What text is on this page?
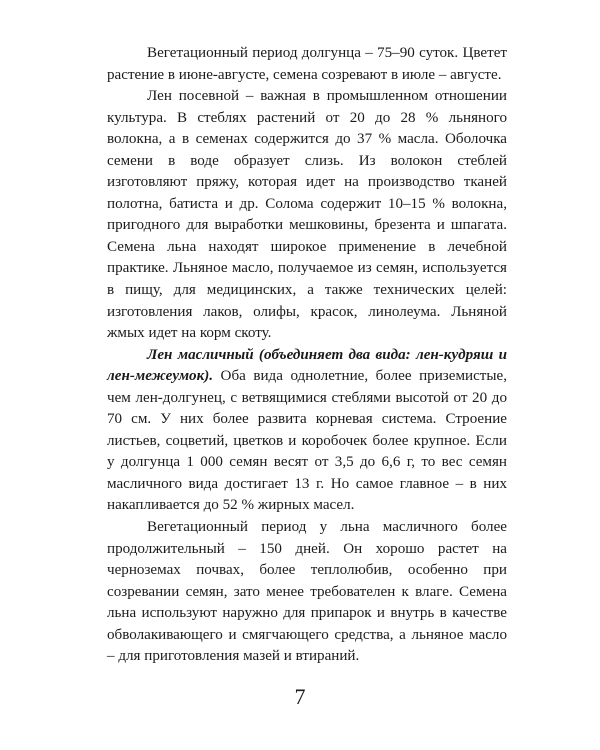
Вегетационный период долгунца – 75–90 суток. Цветет растение в июне-августе, семена созревают в июле – августе.

Лен посевной – важная в промышленном отношении культура. В стеблях растений от 20 до 28 % льняного волокна, а в семенах содержится до 37 % масла. Оболочка семени в воде образует слизь. Из волокон стеблей изготовляют пряжу, которая идет на производство тканей полотна, батиста и др. Солома содержит 10–15 % волокна, пригодного для выработки мешковины, брезента и шпагата. Семена льна находят широкое применение в лечебной практике. Льняное масло, получаемое из семян, используется в пищу, для медицинских, а также технических целей: изготовления лаков, олифы, красок, линолеума. Льняной жмых идет на корм скоту.

Лен масличный (объединяет два вида: лен-кудряш и лен-межеумок). Оба вида однолетние, более приземистые, чем лен-долгунец, с ветвящимися стеблями высотой от 20 до 70 см. У них более развита корневая система. Строение листьев, соцветий, цветков и коробочек более крупное. Если у долгунца 1 000 семян весят от 3,5 до 6,6 г, то вес семян масличного вида достигает 13 г. Но самое главное – в них накапливается до 52 % жирных масел.

Вегетационный период у льна масличного более продолжительный – 150 дней. Он хорошо растет на черноземах почвах, более теплолюбив, особенно при созревании семян, зато менее требователен к влаге. Семена льна используют наружно для припарок и внутрь в качестве обволакивающего и смягчающего средства, а льняное масло – для приготовления мазей и втираний.

7
